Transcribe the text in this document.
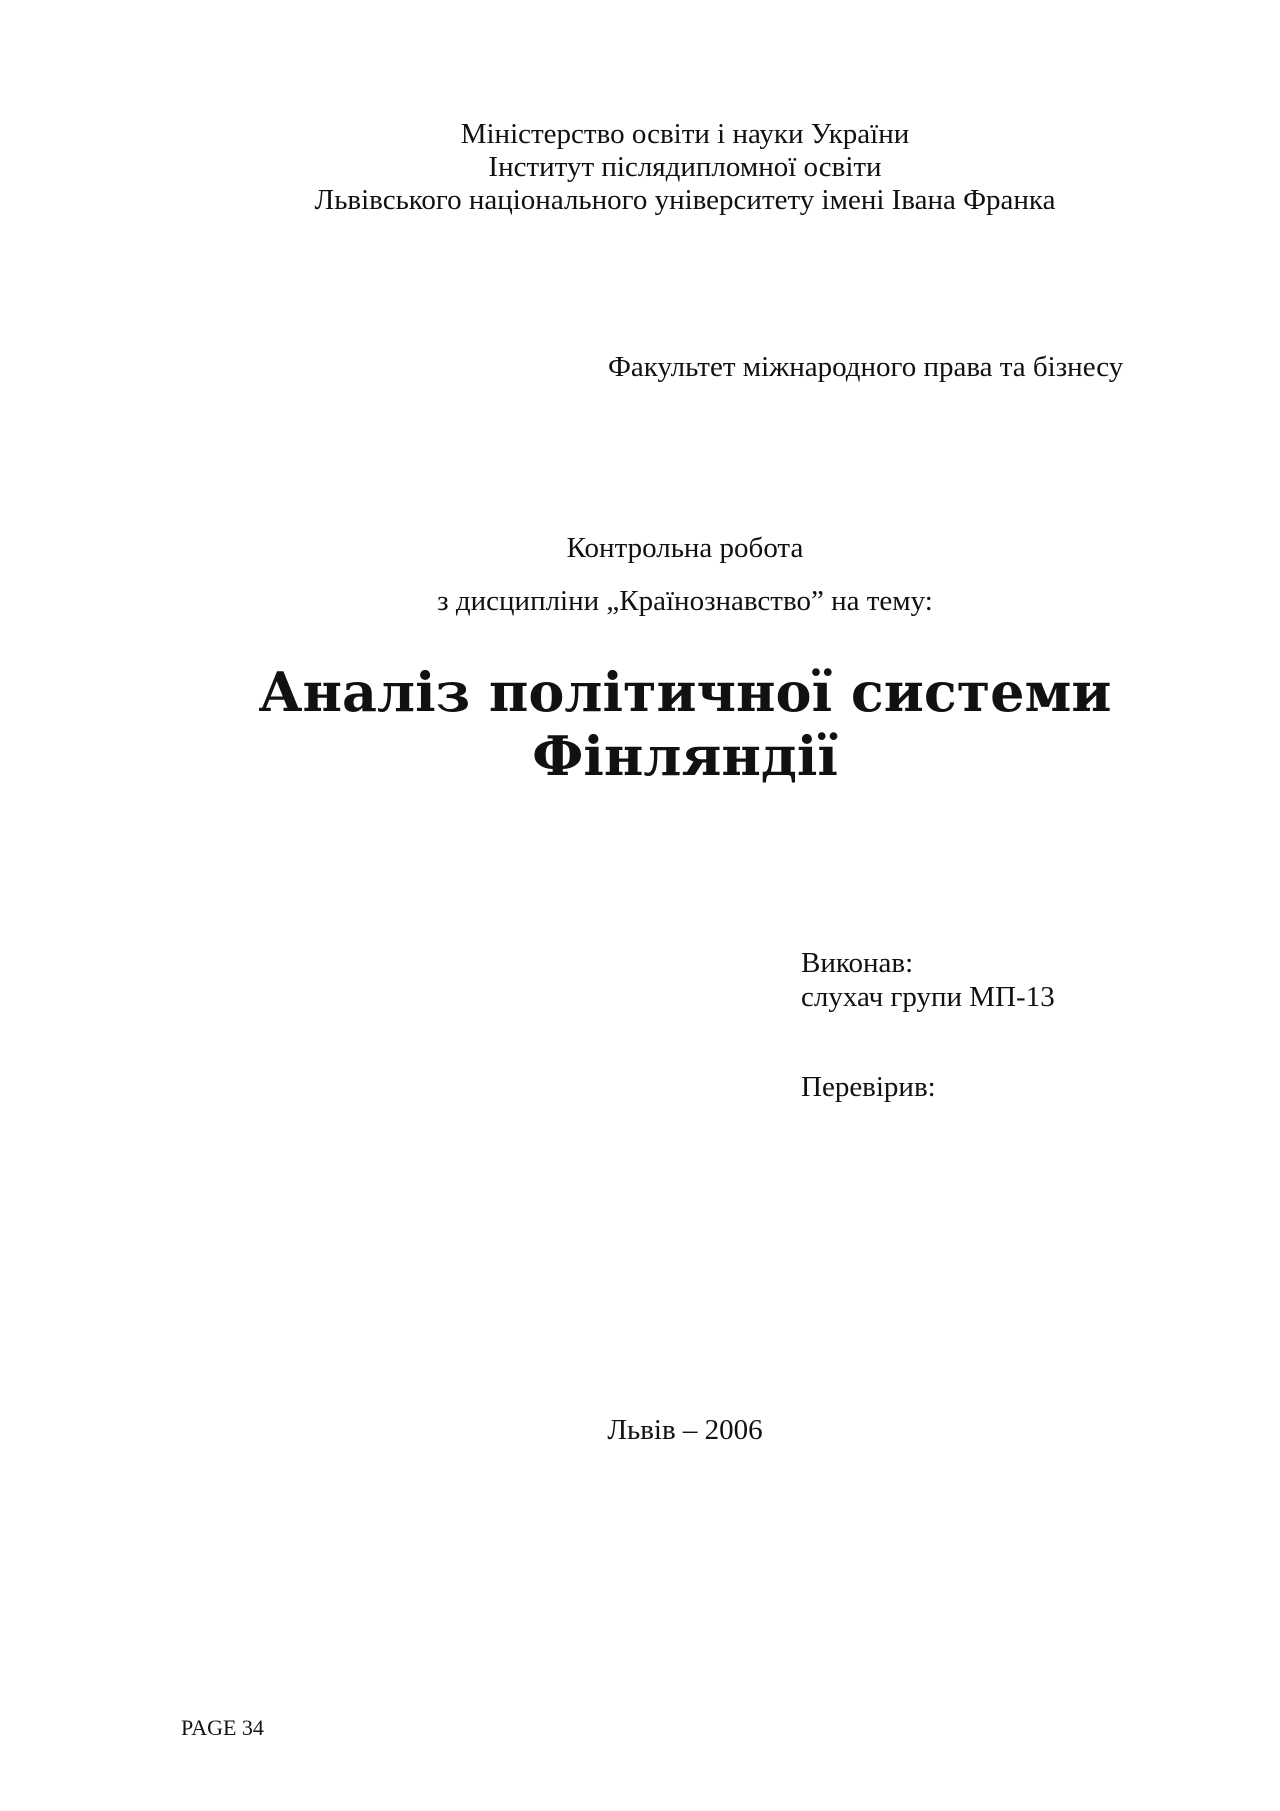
Міністерство освіти і науки України
Інститут післядипломної освіти
Львівського національного університету імені Івана Франка
Факультет міжнародного права та бізнесу
Контрольна робота
з дисципліни „Країнознавство” на тему:
Аналіз політичної системи
Фінляндії
Виконав:
слухач групи МП-13
Перевірив:
Львів – 2006
PAGE 34
